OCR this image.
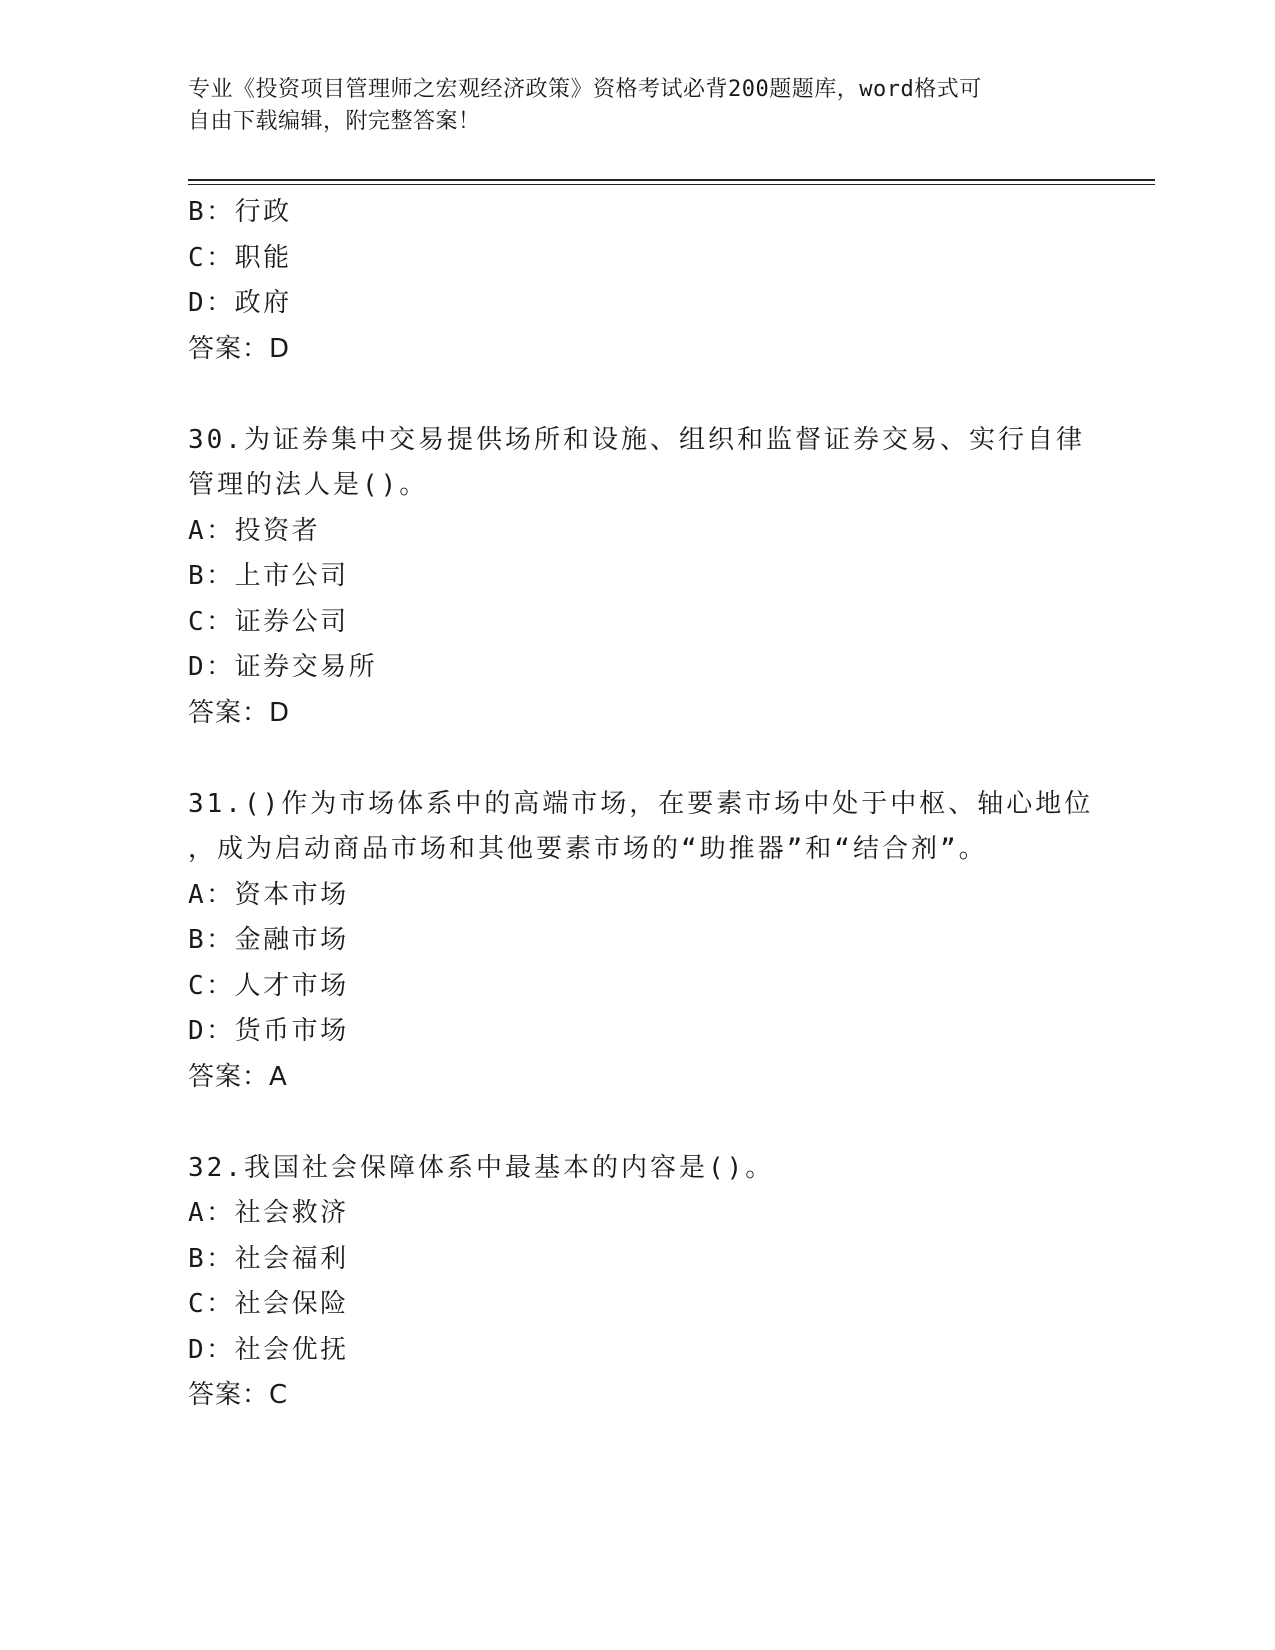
专业《投资项目管理师之宏观经济政策》资格考试必背200题题库，word格式可
自由下载编辑，附完整答案！
B：行政
C：职能
D：政府
答案：D
30.为证券集中交易提供场所和设施、组织和监督证券交易、实行自律
管理的法人是()。
A：投资者
B：上市公司
C：证券公司
D：证券交易所
答案：D
31.()作为市场体系中的高端市场，在要素市场中处于中枢、轴心地位
，成为启动商品市场和其他要素市场的“助推器”和“结合剂”。
A：资本市场
B：金融市场
C：人才市场
D：货币市场
答案：A
32.我国社会保障体系中最基本的内容是()。
A：社会救济
B：社会福利
C：社会保险
D：社会优抚
答案：C
